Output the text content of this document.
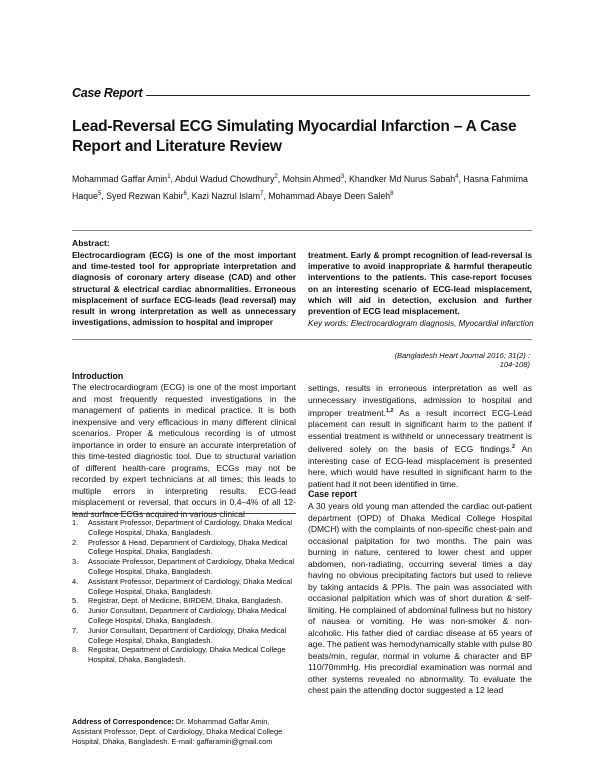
Case Report
Lead-Reversal ECG Simulating Myocardial Infarction – A Case Report and Literature Review
Mohammad Gaffar Amin$^1$, Abdul Wadud Chowdhury$^2$, Mohsin Ahmed$^3$, Khandker Md Nurus Sabah$^4$, Hasna Fahmima Haque$^5$, Syed Rezwan Kabir$^6$, Kazi Nazrul Islam$^7$, Mohammad Abaye Deen Saleh$^8$
Abstract:
Electrocardiogram (ECG) is one of the most important and time-tested tool for appropriate interpretation and diagnosis of coronary artery disease (CAD) and other structural & electrical cardiac abnormalities. Erroneous misplacement of surface ECG-leads (lead reversal) may result in wrong interpretation as well as unnecessary investigations, admission to hospital and improper
treatment. Early & prompt recognition of lead-reversal is imperative to avoid inappropriate & harmful therapeutic interventions to the patients. This case-report focuses on an interesting scenario of ECG-lead misplacement, which will aid in detection, exclusion and further prevention of ECG lead misplacement.
Key words: Electrocardiogram diagnosis, Myocardial infarction
(Bangladesh Heart Journal 2016; 31(2) : 104-108)
Introduction
The electrocardiogram (ECG) is one of the most important and most frequently requested investigations in the management of patients in medical practice. It is both inexpensive and very efficacious in many different clinical scenarios. Proper & meticulous recording is of utmost importance in order to ensure an accurate interpretation of this time-tested diagnostic tool. Due to structural variation of different health-care programs, ECGs may not be recorded by expert technicians at all times; this leads to multiple errors in interpreting results. ECG-lead misplacement or reversal, that occurs in 0.4–4% of all 12-lead surface ECGs acquired in various clinical
settings, results in erroneous interpretation as well as unnecessary investigations, admission to hospital and improper treatment.$^{1,2}$ As a result incorrect ECG-Lead placement can result in significant harm to the patient if essential treatment is withheld or unnecessary treatment is delivered solely on the basis of ECG findings.$^2$ An interesting case of ECG-lead misplacement is presented here, which would have resulted in significant harm to the patient had it not been identified in time.
Case report
A 30 years old young man attended the cardiac out-patient department (OPD) of Dhaka Medical College Hospital (DMCH) with the complaints of non-specific chest-pain and occasional palpitation for two months. The pain was burning in nature, centered to lower chest and upper abdomen, non-radiating, occurring several times a day having no obvious precipitating factors but used to relieve by taking antacids & PPIs. The pain was associated with occasional palpitation which was of short duration & self-limiting. He complained of abdominal fullness but no history of nausea or vomiting. He was non-smoker & non-alcoholic. His father died of cardiac disease at 65 years of age. The patient was hemodynamically stable with pulse 80 beats/min, regular, normal in volume & character and BP 110/70mmHg. His precordial examination was normal and other systems revealed no abnormality. To evaluate the chest pain the attending doctor suggested a 12 lead
1.	Assistant Professor, Department of Cardiology, Dhaka Medical College Hospital, Dhaka, Bangladesh.
2.	Professor & Head. Department of Cardiology, Dhaka Medical College Hospital, Dhaka, Bangladesh.
3.	Associate Professor, Department of Cardiology, Dhaka Medical College Hospital, Dhaka, Bangladesh.
4.	Assistant Professor, Department of Cardiology, Dhaka Medical College Hospital, Dhaka, Bangladesh.
5.	Registrar, Dept. of Medicine, BIRDEM, Dhaka, Bangladesh.
6.	Junior Consultant, Department of Cardiology, Dhaka Medical College Hospital, Dhaka, Bangladesh.
7.	Junior Consultant, Department of Cardiology, Dhaka Medical College Hospital, Dhaka, Bangladesh.
8.	Registrar, Department of Cardiology, Dhaka Medical College Hospital, Dhaka, Bangladesh.
Address of Correspondence: Dr. Mohammad Gaffar Amin, Assistant Professor, Dept. of Cardiology, Dhaka Medical College Hospital, Dhaka, Bangladesh. E-mail: gaffaramin@gmail.com
